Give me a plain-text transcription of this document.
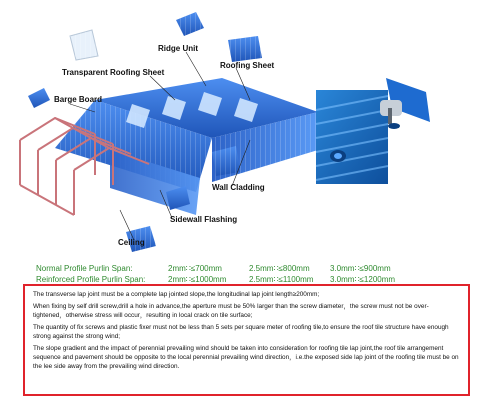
Ridge Unit
Transparent Roofing Sheet
Roofing Sheet
Barge Board
Wall Cladding
Sidewall Flashing
Ceiling
Normal Profile Purlin Span:	2mm∷≤700mm	2.5mm∷≤800mm	3.0mm∷≤900mm
Reinforced Profile Purlin Span:	2mm∷≤1000mm	2.5mm∷≤1100mm 3.0mm∷≤1200mm

The transverse lap joint must be a complete lap jointed slope,the longitudinal lap joint length≥200mm;

When fixing by self drill screw,drill a hole in advance,the aperture must be 50% larger than the screw diameter，the screw must not be over-tightened，otherwise stress will occur，resulting in local crack on tile surface;

The quantity of fix screws and plastic fixer must not be less than 5 sets per square meter of roofing tile,to ensure the roof tile structure have enough strong against the strong wind;

The slope gradient and the impact of perennial prevailing wind should be taken into consideration for roofing tile lap joint,the roof tile arrangement sequence and pavement should be opposite to the local perennial prevailing wind direction，i.e.the exposed side lap joint of the roofing tile must be on the lee side away from the prevailing wind direction.
